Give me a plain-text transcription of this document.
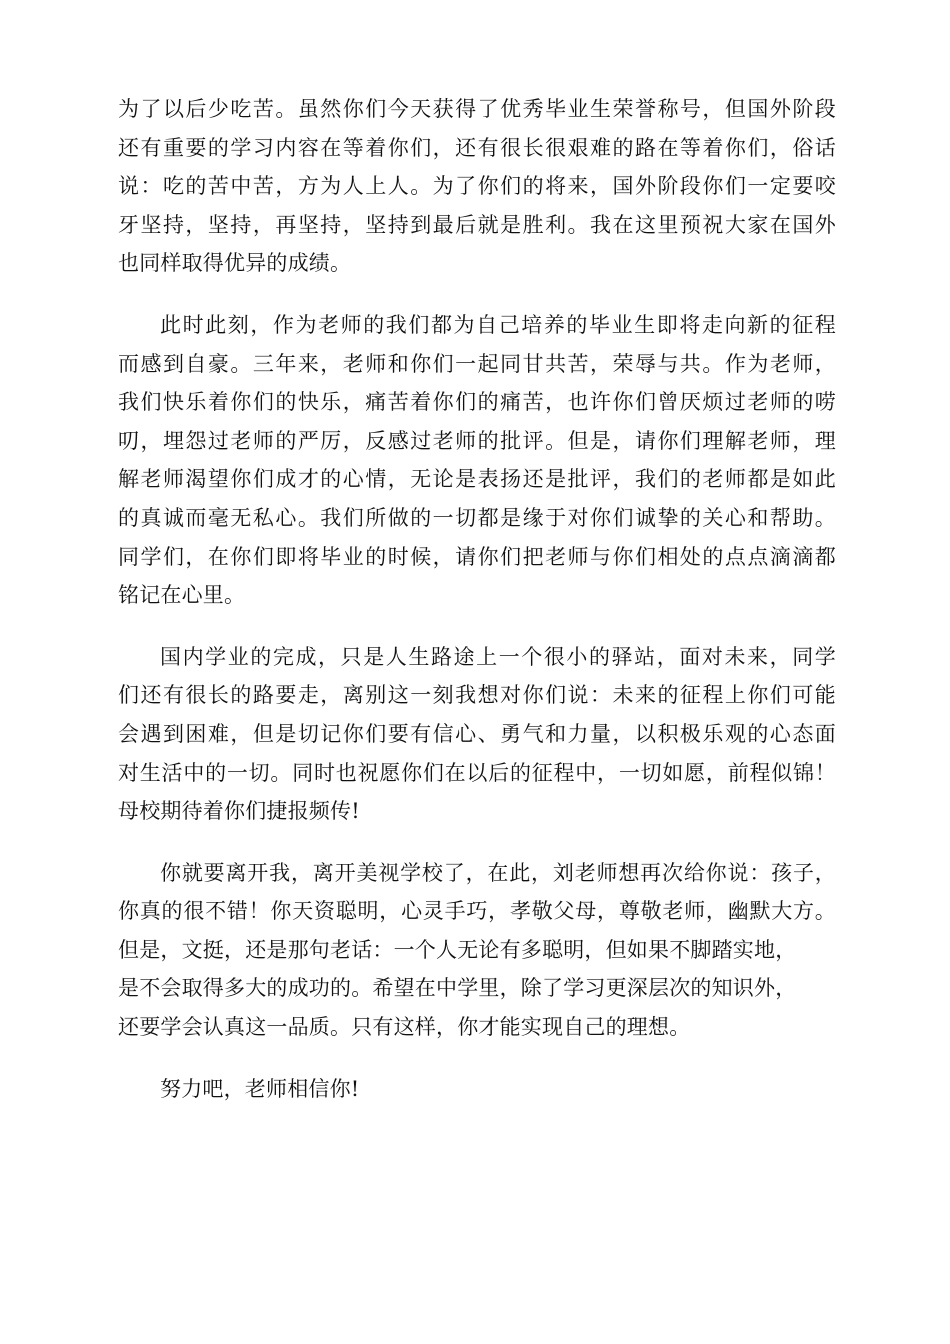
为了以后少吃苦。虽然你们今天获得了优秀毕业生荣誉称号，但国外阶段
还有重要的学习内容在等着你们，还有很长很艰难的路在等着你们，俗话
说：吃的苦中苦，方为人上人。为了你们的将来，国外阶段你们一定要咬
牙坚持，坚持，再坚持，坚持到最后就是胜利。我在这里预祝大家在国外
也同样取得优异的成绩。
此时此刻，作为老师的我们都为自己培养的毕业生即将走向新的征程
而感到自豪。三年来，老师和你们一起同甘共苦，荣辱与共。作为老师，
我们快乐着你们的快乐，痛苦着你们的痛苦，也许你们曾厌烦过老师的唠
叨，埋怨过老师的严厉，反感过老师的批评。但是，请你们理解老师，理
解老师渴望你们成才的心情，无论是表扬还是批评，我们的老师都是如此
的真诚而毫无私心。我们所做的一切都是缘于对你们诚挚的关心和帮助。
同学们，在你们即将毕业的时候，请你们把老师与你们相处的点点滴滴都
铭记在心里。
国内学业的完成，只是人生路途上一个很小的驿站，面对未来，同学
们还有很长的路要走，离别这一刻我想对你们说：未来的征程上你们可能
会遇到困难，但是切记你们要有信心、勇气和力量，以积极乐观的心态面
对生活中的一切。同时也祝愿你们在以后的征程中，一切如愿，前程似锦！
母校期待着你们捷报频传!
你就要离开我，离开美视学校了，在此，刘老师想再次给你说：孩子，
你真的很不错！你天资聪明，心灵手巧，孝敬父母，尊敬老师，幽默大方。
但是，文挺，还是那句老话：一个人无论有多聪明，但如果不脚踏实地，
是不会取得多大的成功的。希望在中学里，除了学习更深层次的知识外，
还要学会认真这一品质。只有这样，你才能实现自己的理想。
努力吧，老师相信你!
